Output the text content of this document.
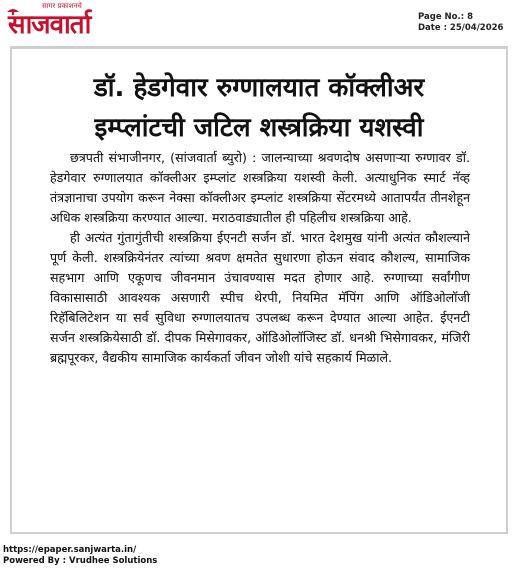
सागर प्रकाशनचे
साजवार्ता	Page No.: 8
Date : 25/04/2026
डॉ. हेडगेवार रुग्णालयात कॉक्लीअर
इम्प्लांटची जटिल शस्त्रक्रिया यशस्वी

छत्रपती संभाजीनगर, (सांजवार्ता ब्युरो) : जालन्याच्या श्रवणदोष असणाऱ्या रुग्णावर डॉ. हेडगेवार रुग्णालयात कॉक्लीअर इम्प्लांट शस्त्रक्रिया यशस्वी केली. अत्याधुनिक स्मार्ट नॅव्ह तंत्रज्ञानाचा उपयोग करून नेक्सा कॉक्लीअर इम्प्लांट शस्त्रक्रिया सेंटरमध्ये आतापर्यंत तीनशेहून अधिक शस्त्रक्रिया करण्यात आल्या. मराठवाड्यातील ही पहिलीच शस्त्रक्रिया आहे.

ही अत्यंत गुंतागुंतीची शस्त्रक्रिया ईएनटी सर्जन डॉ. भारत देशमुख यांनी अत्यंत कौशल्याने पूर्ण केली. शस्त्रक्रियेनंतर त्यांच्या श्रवण क्षमतेत सुधारणा होऊन संवाद कौशल्य, सामाजिक सहभाग आणि एकूणच जीवनमान उंचावण्यास मदत होणार आहे. रुग्णाच्या सर्वांगीण विकासासाठी आवश्यक असणारी स्पीच थेरपी, नियमित मॅपिंग आणि ऑडिओलॉजी रिहॅबिलिटेशन या सर्व सुविधा रुग्णालयातच उपलब्ध करून देण्यात आल्या आहेत. ईएनटी सर्जन शस्त्रक्रियेसाठी डॉ. दीपक मिसेगावकर, ऑडिओलॉजिस्ट डॉ. धनश्री भिसेगावकर, मंजिरी ब्रह्मपूरकर, वैद्यकीय सामाजिक कार्यकर्ता जीवन जोशी यांचे सहकार्य मिळाले.

https://epaper.sanjwarta.in/
Powered By : Vrudhee Solutions
